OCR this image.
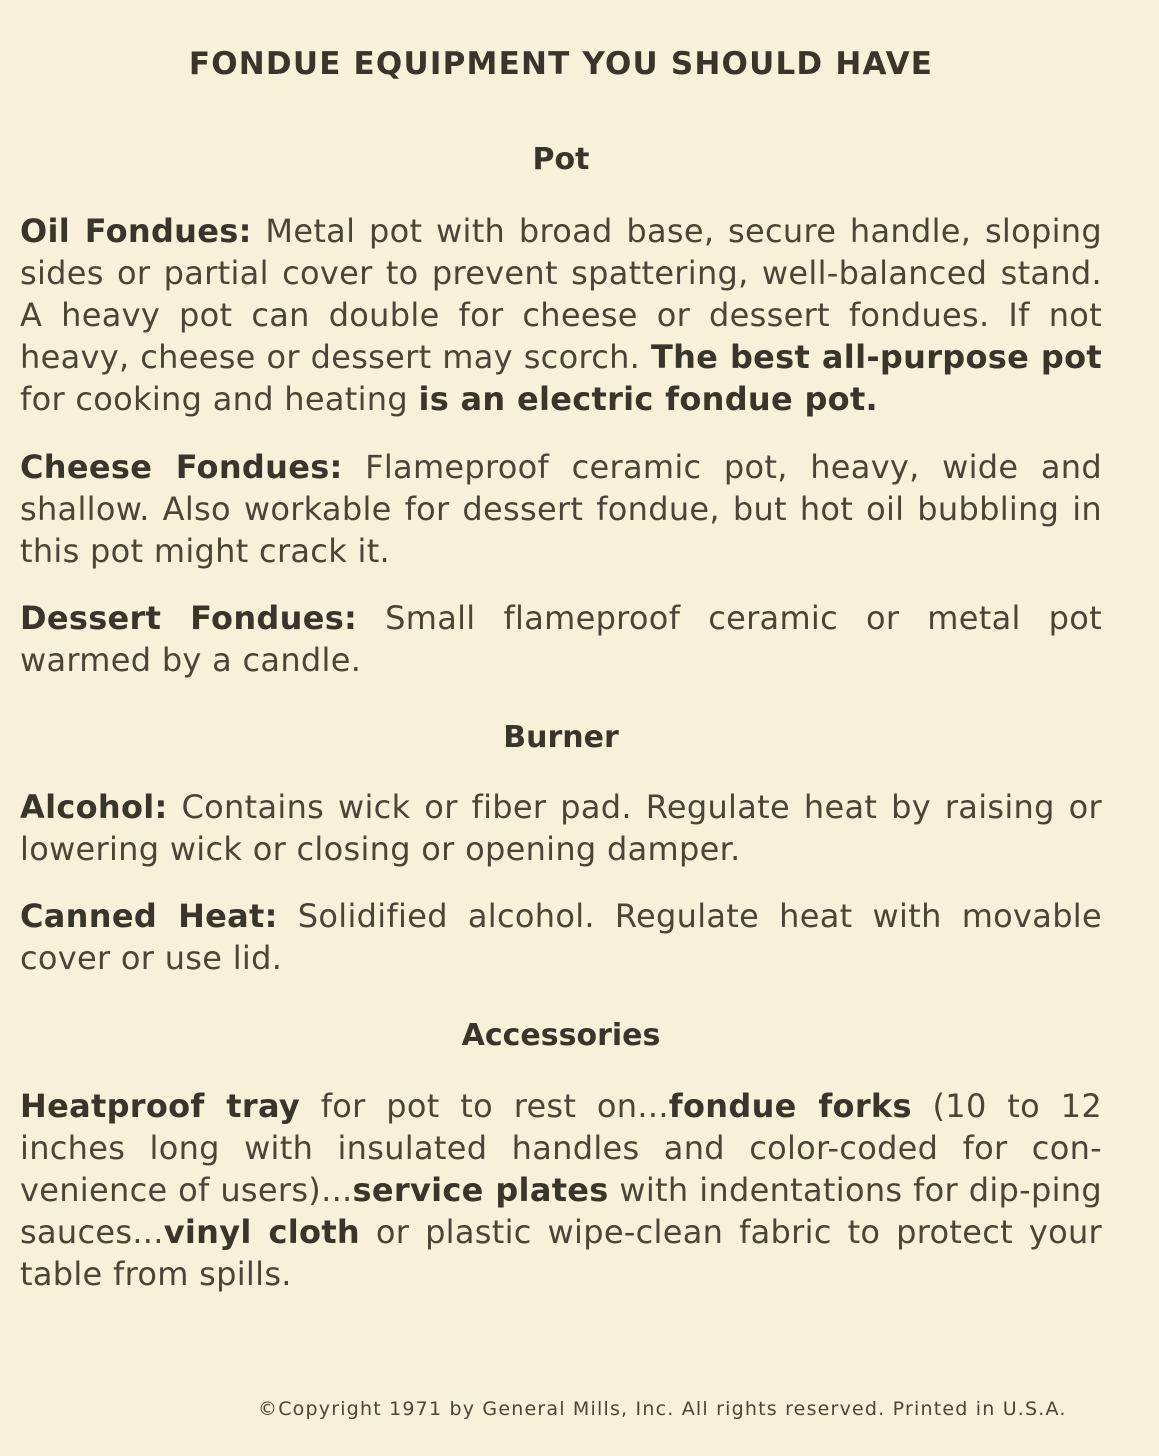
FONDUE EQUIPMENT YOU SHOULD HAVE
Pot

Oil Fondues: Metal pot with broad base, secure handle, sloping sides or partial cover to prevent spattering, well-balanced stand. A heavy pot can double for cheese or dessert fondues. If not heavy, cheese or dessert may scorch. The best all-purpose pot for cooking and heating is an electric fondue pot.

Cheese Fondues: Flameproof ceramic pot, heavy, wide and shallow. Also workable for dessert fondue, but hot oil bubbling in this pot might crack it.

Dessert Fondues: Small flameproof ceramic or metal pot warmed by a candle.

Burner

Alcohol: Contains wick or fiber pad. Regulate heat by raising or lowering wick or closing or opening damper.

Canned Heat: Solidified alcohol. Regulate heat with movable cover or use lid.

Accessories

Heatproof tray for pot to rest on...fondue forks (10 to 12 inches long with insulated handles and color-coded for con-venience of users)...service plates with indentations for dip-ping sauces...vinyl cloth or plastic wipe-clean fabric to protect your table from spills.

©Copyright 1971 by General Mills, Inc. All rights reserved. Printed in U.S.A.
